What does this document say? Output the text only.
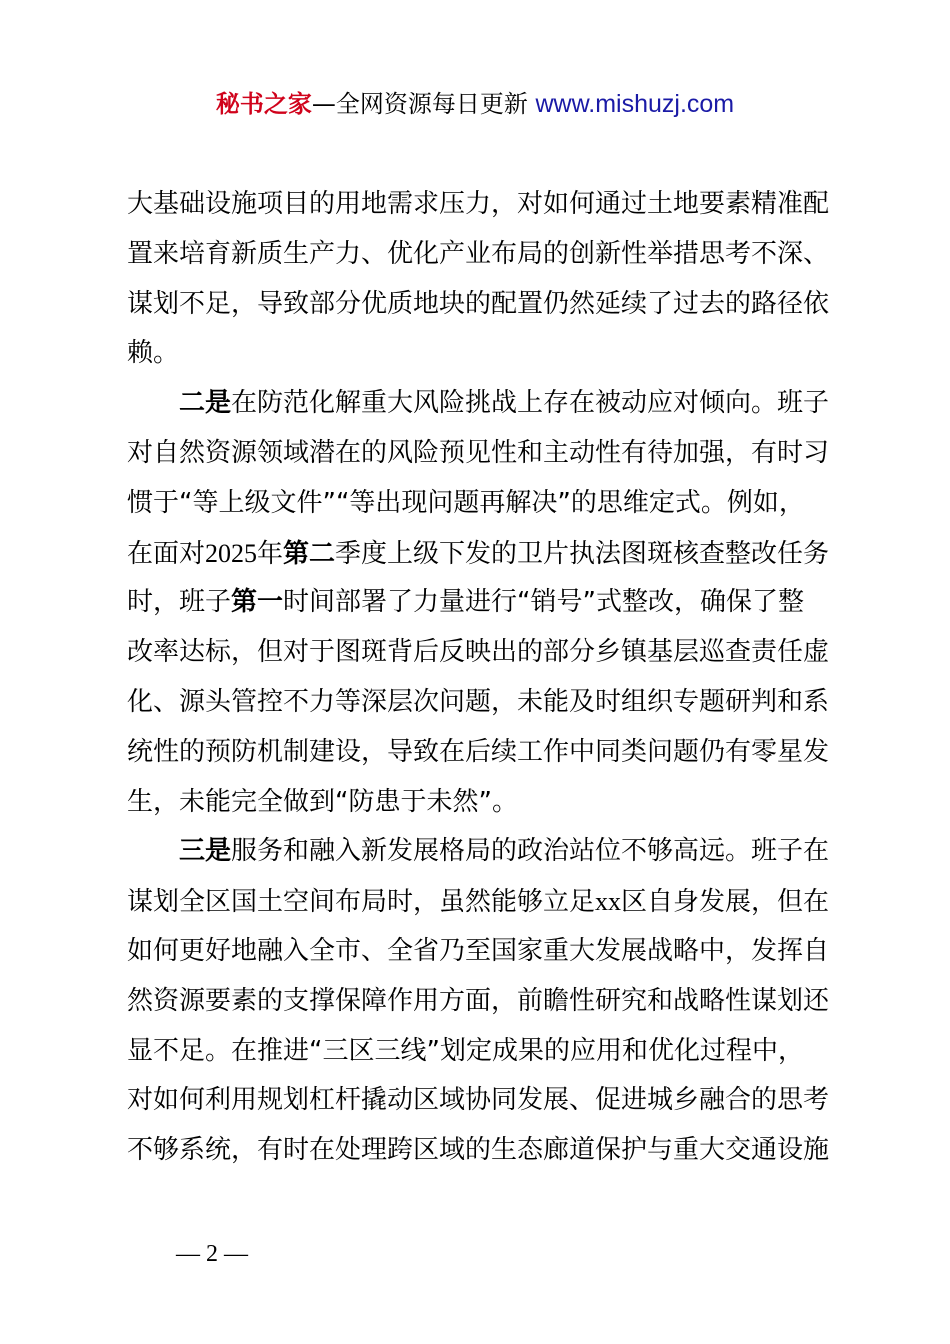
秘书之家—全网资源每日更新 www.mishuzj.com
大基础设施项目的用地需求压力，对如何通过土地要素精准配
置来培育新质生产力、优化产业布局的创新性举措思考不深、
谋划不足，导致部分优质地块的配置仍然延续了过去的路径依
赖。
二是在防范化解重大风险挑战上存在被动应对倾向。班子
对自然资源领域潜在的风险预见性和主动性有待加强，有时习
惯于“等上级文件”“等出现问题再解决”的思维定式。例如，
在面对2025年第二季度上级下发的卫片执法图斑核查整改任务
时，班子第一时间部署了力量进行“销号”式整改，确保了整
改率达标，但对于图斑背后反映出的部分乡镇基层巡查责任虚
化、源头管控不力等深层次问题，未能及时组织专题研判和系
统性的预防机制建设，导致在后续工作中同类问题仍有零星发
生，未能完全做到“防患于未然”。
三是服务和融入新发展格局的政治站位不够高远。班子在
谋划全区国土空间布局时，虽然能够立足xx区自身发展，但在
如何更好地融入全市、全省乃至国家重大发展战略中，发挥自
然资源要素的支撑保障作用方面，前瞻性研究和战略性谋划还
显不足。在推进“三区三线”划定成果的应用和优化过程中，
对如何利用规划杠杆撬动区域协同发展、促进城乡融合的思考
不够系统，有时在处理跨区域的生态廊道保护与重大交通设施
— 2 —
